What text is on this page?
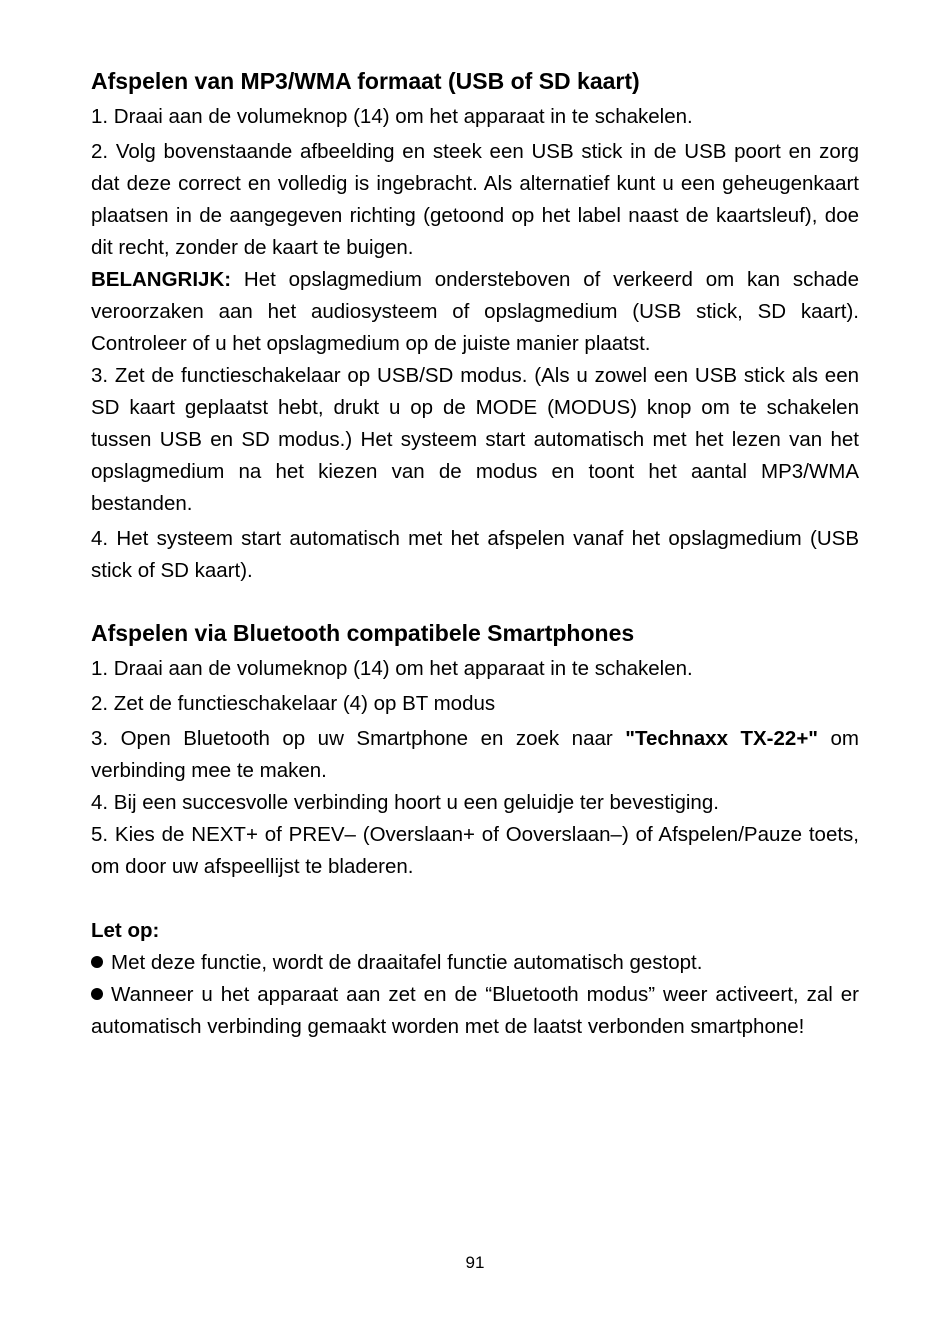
Afspelen van MP3/WMA formaat (USB of SD kaart)

1. Draai aan de volumeknop (14) om het apparaat in te schakelen.

2. Volg bovenstaande afbeelding en steek een USB stick in de USB poort en zorg dat deze correct en volledig is ingebracht. Als alternatief kunt u een geheugenkaart plaatsen in de aangegeven richting (getoond op het label naast de kaartsleuf), doe dit recht, zonder de kaart te buigen.

BELANGRIJK: Het opslagmedium ondersteboven of verkeerd om kan schade veroorzaken aan het audiosysteem of opslagmedium (USB stick, SD kaart). Controleer of u het opslagmedium op de juiste manier plaatst.

3. Zet de functieschakelaar op USB/SD modus. (Als u zowel een USB stick als een SD kaart geplaatst hebt, drukt u op de MODE (MODUS) knop om te schakelen tussen USB en SD modus.) Het systeem start automatisch met het lezen van het opslagmedium na het kiezen van de modus en toont het aantal MP3/WMA bestanden.

4. Het systeem start automatisch met het afspelen vanaf het opslagmedium (USB stick of SD kaart).

Afspelen via Bluetooth compatibele Smartphones

1. Draai aan de volumeknop (14) om het apparaat in te schakelen.

2. Zet de functieschakelaar (4) op BT modus

3. Open Bluetooth op uw Smartphone en zoek naar "Technaxx TX-22+" om verbinding mee te maken.

4. Bij een succesvolle verbinding hoort u een geluidje ter bevestiging.

5. Kies de NEXT+ of PREV– (Overslaan+ of Ooverslaan–) of Afspelen/Pauze toets, om door uw afspeellijst te bladeren.

Let op:

Met deze functie, wordt de draaitafel functie automatisch gestopt.

Wanneer u het apparaat aan zet en de “Bluetooth modus” weer activeert, zal er automatisch verbinding gemaakt worden met de laatst verbonden smartphone!

91
